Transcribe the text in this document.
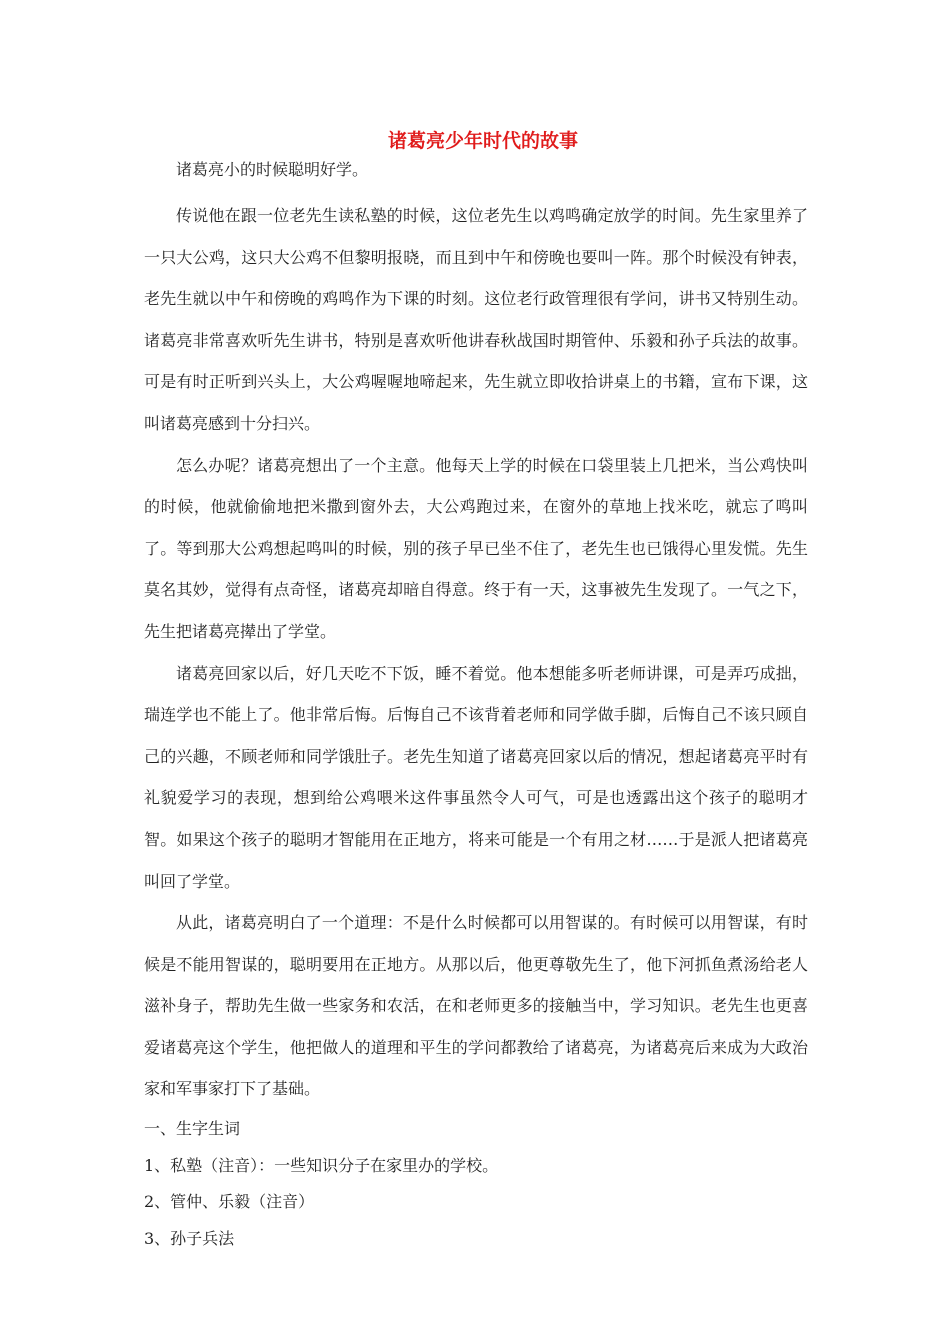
诸葛亮少年时代的故事

诸葛亮小的时候聪明好学。

传说他在跟一位老先生读私塾的时候，这位老先生以鸡鸣确定放学的时间。先生家里养了一只大公鸡，这只大公鸡不但黎明报晓，而且到中午和傍晚也要叫一阵。那个时候没有钟表，老先生就以中午和傍晚的鸡鸣作为下课的时刻。这位老行政管理很有学问，讲书又特别生动。诸葛亮非常喜欢听先生讲书，特别是喜欢听他讲春秋战国时期管仲、乐毅和孙子兵法的故事。可是有时正听到兴头上，大公鸡喔喔地啼起来，先生就立即收拾讲桌上的书籍，宣布下课，这叫诸葛亮感到十分扫兴。

怎么办呢？诸葛亮想出了一个主意。他每天上学的时候在口袋里装上几把米，当公鸡快叫的时候，他就偷偷地把米撒到窗外去，大公鸡跑过来，在窗外的草地上找米吃，就忘了鸣叫了。等到那大公鸡想起鸣叫的时候，别的孩子早已坐不住了，老先生也已饿得心里发慌。先生莫名其妙，觉得有点奇怪，诸葛亮却暗自得意。终于有一天，这事被先生发现了。一气之下，先生把诸葛亮撵出了学堂。

诸葛亮回家以后，好几天吃不下饭，睡不着觉。他本想能多听老师讲课，可是弄巧成拙，瑞连学也不能上了。他非常后悔。后悔自己不该背着老师和同学做手脚，后悔自己不该只顾自己的兴趣，不顾老师和同学饿肚子。老先生知道了诸葛亮回家以后的情况，想起诸葛亮平时有礼貌爱学习的表现，想到给公鸡喂米这件事虽然令人可气，可是也透露出这个孩子的聪明才智。如果这个孩子的聪明才智能用在正地方，将来可能是一个有用之材……于是派人把诸葛亮叫回了学堂。

从此，诸葛亮明白了一个道理：不是什么时候都可以用智谋的。有时候可以用智谋，有时候是不能用智谋的，聪明要用在正地方。从那以后，他更尊敬先生了，他下河抓鱼煮汤给老人滋补身子，帮助先生做一些家务和农活，在和老师更多的接触当中，学习知识。老先生也更喜爱诸葛亮这个学生，他把做人的道理和平生的学问都教给了诸葛亮，为诸葛亮后来成为大政治家和军事家打下了基础。

一、生字生词

1、私塾（注音）：一些知识分子在家里办的学校。

2、管仲、乐毅（注音）

3、孙子兵法
